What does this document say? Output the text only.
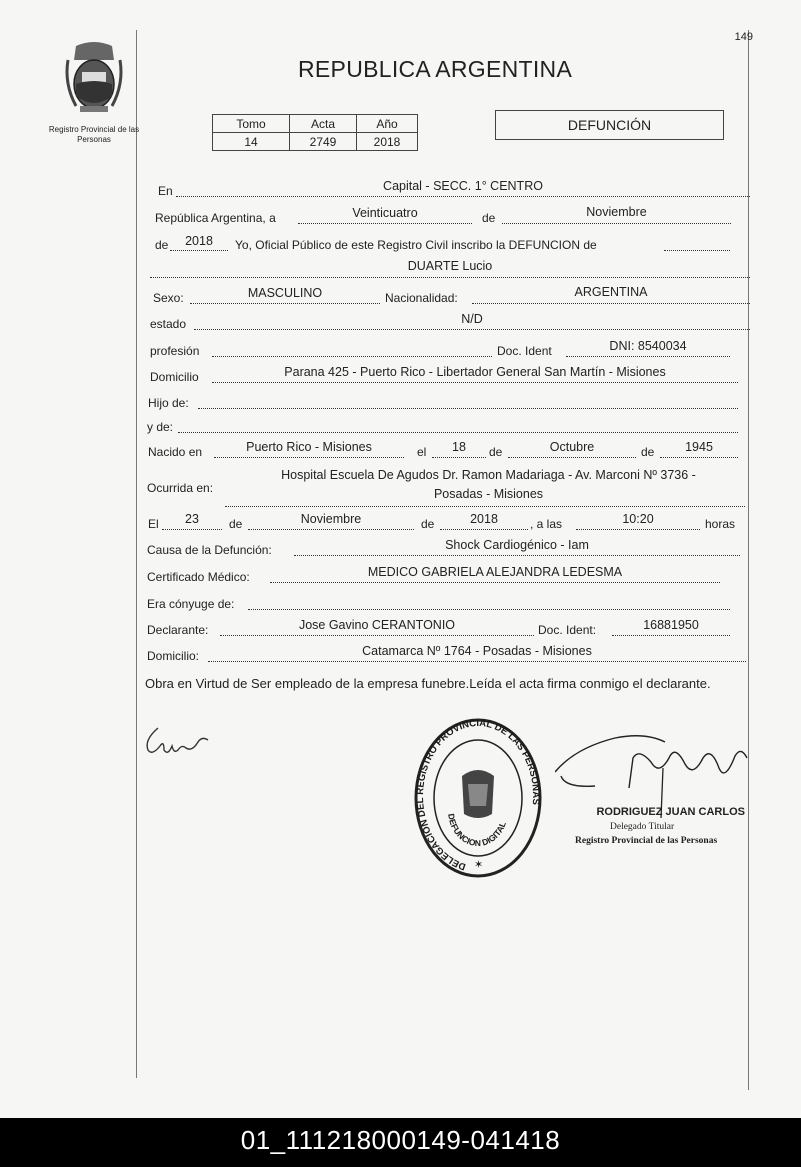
149
Registro Provincial de las Personas
REPUBLICA ARGENTINA
Tomo	Acta	Año
14	2749	2018
DEFUNCIÓN
En	Capital - SECC. 1° CENTRO
República Argentina, a	Veinticuatro	de	Noviembre
de	2018	Yo, Oficial Público de este Registro Civil inscribo la DEFUNCION de
DUARTE Lucio
Sexo:	MASCULINO	Nacionalidad:	ARGENTINA
estado	N/D
profesión	Doc. Ident	DNI: 8540034
Domicilio	Parana 425 - Puerto Rico - Libertador General San Martín - Misiones
Hijo de:
y de:
Nacido en	Puerto Rico - Misiones	el	18	de	Octubre	de	1945
Ocurrida en:
Hospital Escuela De Agudos Dr. Ramon Madariaga - Av. Marconi Nº 3736 -
Posadas - Misiones
El	23	de	Noviembre	de	2018	, a las	10:20	horas
Causa de la Defunción:	Shock Cardiogénico - Iam
Certificado Médico:	MEDICO GABRIELA ALEJANDRA LEDESMA
Era cónyuge de:
Declarante:	Jose Gavino CERANTONIO	Doc. Ident:	16881950
Domicilio:	Catamarca Nº 1764 - Posadas - Misiones
Obra en Virtud de Ser empleado de la empresa funebre.Leída el acta firma conmigo el declarante.
DELEGACION DEL REGISTRO PROVINCIAL DE LAS PERSONAS
DEFUNCION DIGITAL
✶
RODRIGUEZ JUAN CARLOS
Delegado Titular
Registro Provincial de las Personas
01_111218000149-041418
